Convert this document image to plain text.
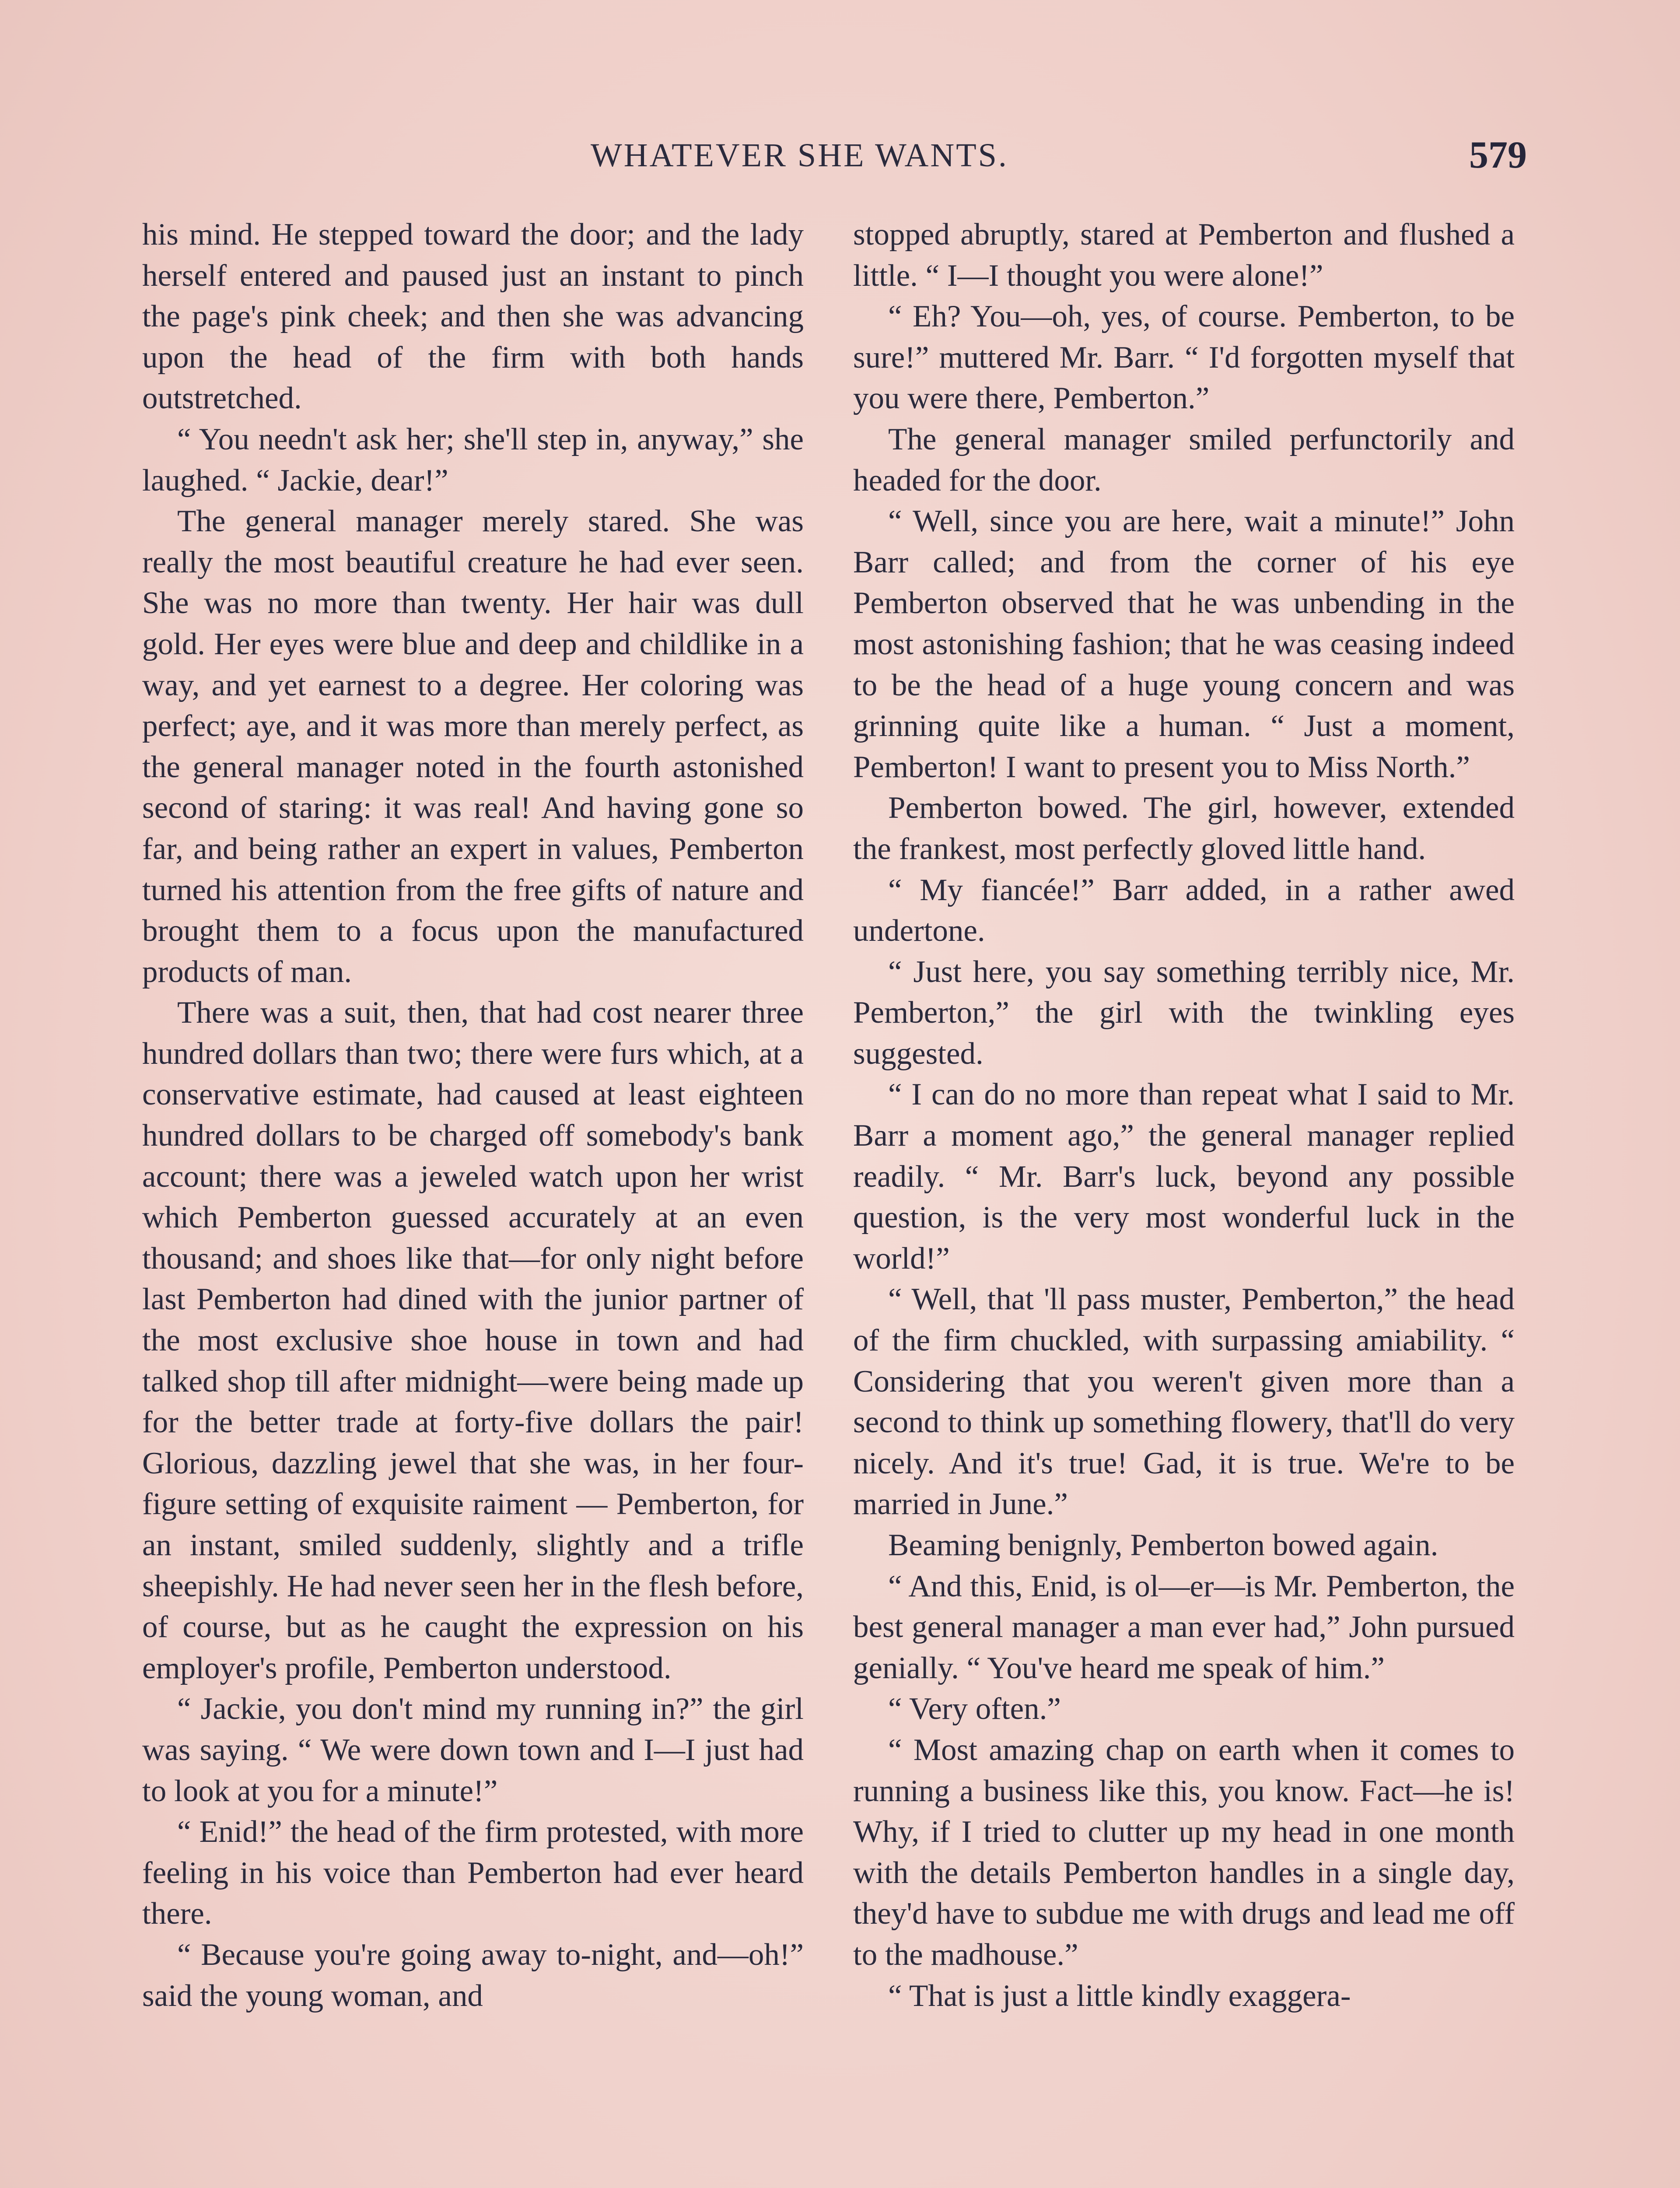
WHATEVER SHE WANTS.	579

his mind. He stepped toward the door; and the lady herself entered and paused just an instant to pinch the page's pink cheek; and then she was advancing upon the head of the firm with both hands outstretched.

“ You needn't ask her; she'll step in, anyway,” she laughed. “ Jackie, dear!”

The general manager merely stared. She was really the most beautiful creature he had ever seen. She was no more than twenty. Her hair was dull gold. Her eyes were blue and deep and childlike in a way, and yet earnest to a degree. Her coloring was perfect; aye, and it was more than merely perfect, as the general manager noted in the fourth astonished second of staring: it was real! And having gone so far, and being rather an expert in values, Pemberton turned his attention from the free gifts of nature and brought them to a focus upon the manufactured products of man.

There was a suit, then, that had cost nearer three hundred dollars than two; there were furs which, at a conservative estimate, had caused at least eighteen hundred dollars to be charged off somebody's bank account; there was a jeweled watch upon her wrist which Pemberton guessed accurately at an even thousand; and shoes like that—for only night before last Pemberton had dined with the junior partner of the most exclusive shoe house in town and had talked shop till after midnight—were being made up for the better trade at forty-five dollars the pair! Glorious, dazzling jewel that she was, in her four-figure setting of exquisite raiment — Pemberton, for an instant, smiled suddenly, slightly and a trifle sheepishly. He had never seen her in the flesh before, of course, but as he caught the expression on his employer's profile, Pemberton understood.

“ Jackie, you don't mind my running in?” the girl was saying. “ We were down town and I—I just had to look at you for a minute!”

“ Enid!” the head of the firm protested, with more feeling in his voice than Pemberton had ever heard there.

“ Because you're going away to-night, and—oh!” said the young woman, and

stopped abruptly, stared at Pemberton and flushed a little. “ I—I thought you were alone!”

“ Eh? You—oh, yes, of course. Pemberton, to be sure!” muttered Mr. Barr. “ I'd forgotten myself that you were there, Pemberton.”

The general manager smiled perfunctorily and headed for the door.

“ Well, since you are here, wait a minute!” John Barr called; and from the corner of his eye Pemberton observed that he was unbending in the most astonishing fashion; that he was ceasing indeed to be the head of a huge young concern and was grinning quite like a human. “ Just a moment, Pemberton! I want to present you to Miss North.”

Pemberton bowed. The girl, however, extended the frankest, most perfectly gloved little hand.

“ My fiancée!” Barr added, in a rather awed undertone.

“ Just here, you say something terribly nice, Mr. Pemberton,” the girl with the twinkling eyes suggested.

“ I can do no more than repeat what I said to Mr. Barr a moment ago,” the general manager replied readily. “ Mr. Barr's luck, beyond any possible question, is the very most wonderful luck in the world!”

“ Well, that 'll pass muster, Pemberton,” the head of the firm chuckled, with surpassing amiability. “ Considering that you weren't given more than a second to think up something flowery, that'll do very nicely. And it's true! Gad, it is true. We're to be married in June.”

Beaming benignly, Pemberton bowed again.

“ And this, Enid, is ol—er—is Mr. Pemberton, the best general manager a man ever had,” John pursued genially. “ You've heard me speak of him.”

“ Very often.”

“ Most amazing chap on earth when it comes to running a business like this, you know. Fact—he is! Why, if I tried to clutter up my head in one month with the details Pemberton handles in a single day, they'd have to subdue me with drugs and lead me off to the madhouse.”

“ That is just a little kindly exaggera-
